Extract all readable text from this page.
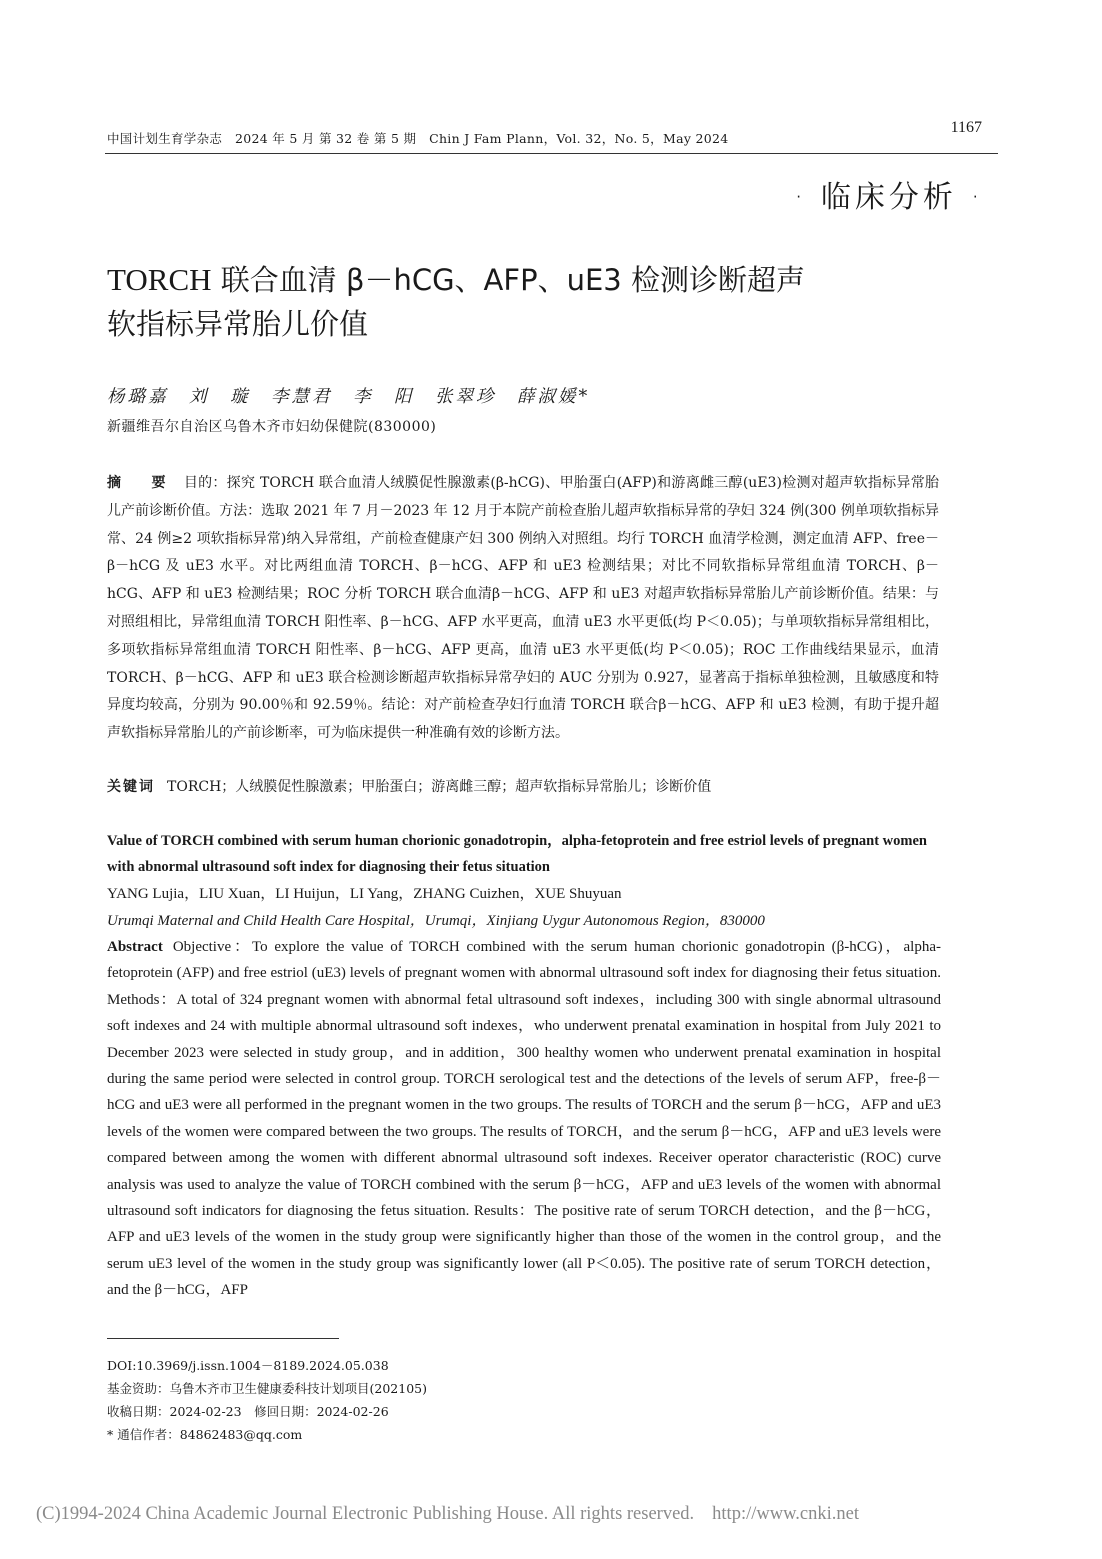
中国计划生育学杂志　2024 年 5 月 第 32 卷 第 5 期　Chin J Fam Plann，Vol. 32，No. 5，May 2024
1167
· 临床分析 ·
TORCH 联合血清 β－hCG、AFP、uE3 检测诊断超声
软指标异常胎儿价值
杨璐嘉　刘　璇　李慧君　李　阳　张翠珍　薛淑媛*
新疆维吾尔自治区乌鲁木齐市妇幼保健院(830000)
摘　要 目的：探究 TORCH 联合血清人绒膜促性腺激素(β-hCG)、甲胎蛋白(AFP)和游离雌三醇(uE3)检测对超声软指标异常胎儿产前诊断价值。方法：选取 2021 年 7 月－2023 年 12 月于本院产前检查胎儿超声软指标异常的孕妇 324 例(300 例单项软指标异常、24 例≥2 项软指标异常)纳入异常组，产前检查健康产妇 300 例纳入对照组。均行 TORCH 血清学检测，测定血清 AFP、free－β－hCG 及 uE3 水平。对比两组血清 TORCH、β－hCG、AFP 和 uE3 检测结果；对比不同软指标异常组血清 TORCH、β－hCG、AFP 和 uE3 检测结果；ROC 分析 TORCH 联合血清β－hCG、AFP 和 uE3 对超声软指标异常胎儿产前诊断价值。结果：与对照组相比，异常组血清 TORCH 阳性率、β－hCG、AFP 水平更高，血清 uE3 水平更低(均 P＜0.05)；与单项软指标异常组相比，多项软指标异常组血清 TORCH 阳性率、β－hCG、AFP 更高，血清 uE3 水平更低(均 P＜0.05)；ROC 工作曲线结果显示，血清 TORCH、β－hCG、AFP 和 uE3 联合检测诊断超声软指标异常孕妇的 AUC 分别为 0.927，显著高于指标单独检测，且敏感度和特异度均较高，分别为 90.00％和 92.59％。结论：对产前检查孕妇行血清 TORCH 联合β－hCG、AFP 和 uE3 检测，有助于提升超声软指标异常胎儿的产前诊断率，可为临床提供一种准确有效的诊断方法。
关键词 TORCH；人绒膜促性腺激素；甲胎蛋白；游离雌三醇；超声软指标异常胎儿；诊断价值
Value of TORCH combined with serum human chorionic gonadotropin，alpha-fetoprotein and free estriol levels of pregnant women with abnormal ultrasound soft index for diagnosing their fetus situation
YANG Lujia，LIU Xuan，LI Huijun，LI Yang，ZHANG Cuizhen，XUE Shuyuan
Urumqi Maternal and Child Health Care Hospital，Urumqi，Xinjiang Uygur Autonomous Region，830000
Abstract Objective：To explore the value of TORCH combined with the serum human chorionic gonadotropin (β-hCG)，alpha-fetoprotein (AFP) and free estriol (uE3) levels of pregnant women with abnormal ultrasound soft index for diagnosing their fetus situation. Methods：A total of 324 pregnant women with abnormal fetal ultrasound soft indexes，including 300 with single abnormal ultrasound soft indexes and 24 with multiple abnormal ultrasound soft indexes，who underwent prenatal examination in hospital from July 2021 to December 2023 were selected in study group，and in addition，300 healthy women who underwent prenatal examination in hospital during the same period were selected in control group. TORCH serological test and the detections of the levels of serum AFP，free-β－hCG and uE3 were all performed in the pregnant women in the two groups. The results of TORCH and the serum β－hCG，AFP and uE3 levels of the women were compared between the two groups. The results of TORCH，and the serum β－hCG，AFP and uE3 levels were compared between among the women with different abnormal ultrasound soft indexes. Receiver operator characteristic (ROC) curve analysis was used to analyze the value of TORCH combined with the serum β－hCG，AFP and uE3 levels of the women with abnormal ultrasound soft indicators for diagnosing the fetus situation. Results：The positive rate of serum TORCH detection，and the β－hCG，AFP and uE3 levels of the women in the study group were significantly higher than those of the women in the control group，and the serum uE3 level of the women in the study group was significantly lower (all P＜0.05). The positive rate of serum TORCH detection，and the β－hCG，AFP
DOI:10.3969/j.issn.1004－8189.2024.05.038
基金资助：乌鲁木齐市卫生健康委科技计划项目(202105)
收稿日期：2024-02-23　修回日期：2024-02-26
* 通信作者：84862483@qq.com
(C)1994-2024 China Academic Journal Electronic Publishing House. All rights reserved. http://www.cnki.net
